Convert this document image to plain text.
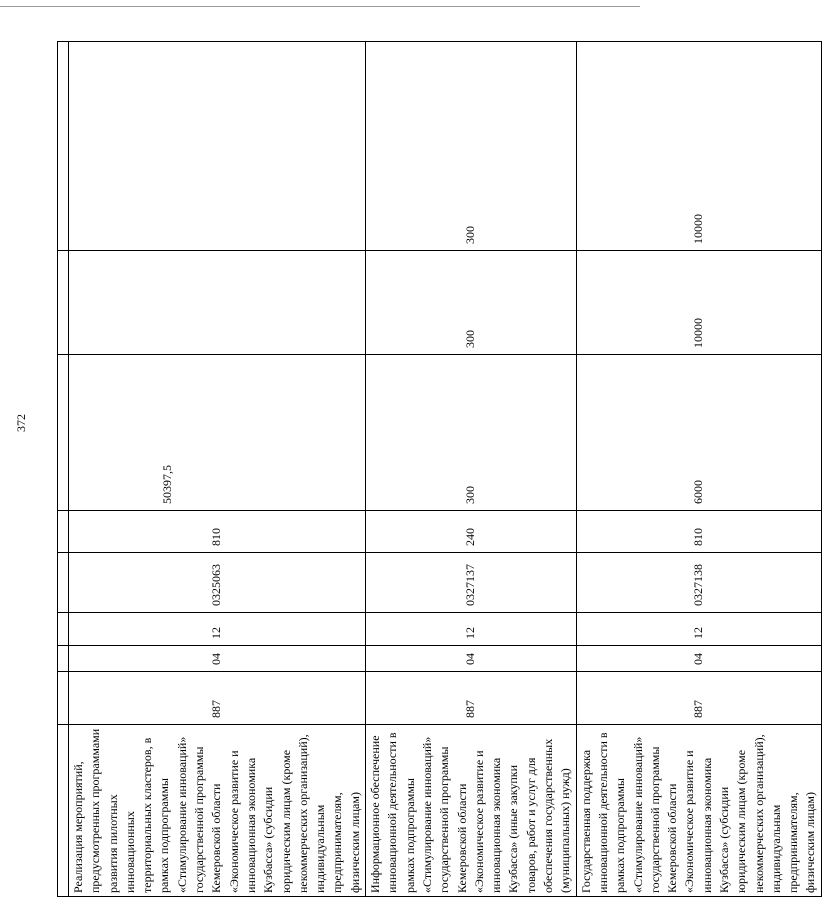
372

Реализация мероприятий, предусмотренных программами развития пилотных инновационных территориальных кластеров, в рамках подпрограммы «Стимулирование инноваций» государственной программы Кемеровской области «Экономическое развитие и инновационная экономика Кузбасса» (субсидии юридическим лицам (кроме некоммерческих организаций), индивидуальным предпринимателям, физическим лицам)	887	04	12	0325063	810	50397,5		
Информационное обеспечение инновационной деятельности в рамках подпрограммы «Стимулирование инноваций» государственной программы Кемеровской области «Экономическое развитие и инновационная экономика Кузбасса» (иные закупки товаров, работ и услуг для обеспечения государственных (муниципальных) нужд)	887	04	12	0327137	240	300	300	300
Государственная поддержка инновационной деятельности в рамках подпрограммы «Стимулирование инноваций» государственной программы Кемеровской области «Экономическое развитие и инновационная экономика Кузбасса» (субсидии юридическим лицам (кроме некоммерческих организаций), индивидуальным предпринимателям, физическим лицам)	887	04	12	0327138	810	6000	10000	10000
